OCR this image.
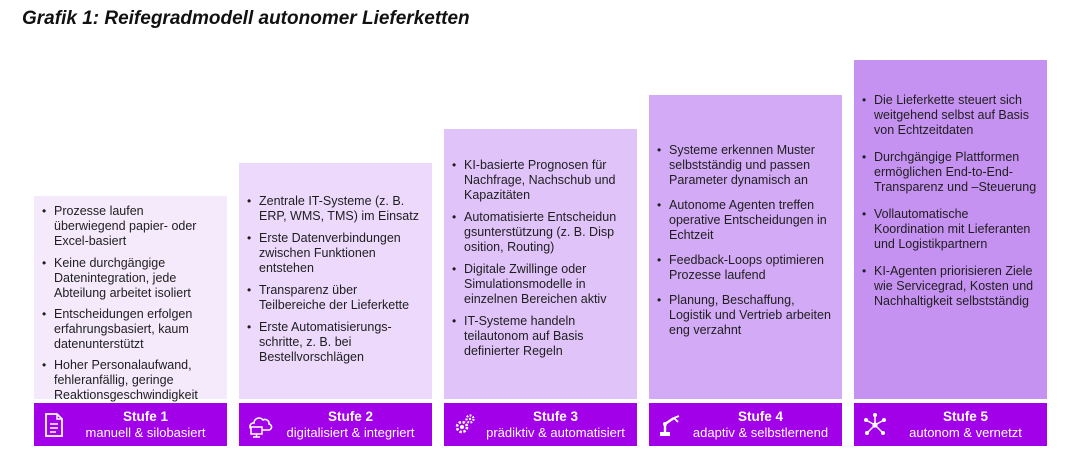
Grafik 1: Reifegradmodell autonomer Lieferketten
• Prozesse laufen überwiegend papier- oder Excel-basiert
• Keine durchgängige Datenintegration, jede Abteilung arbeitet isoliert
• Entscheidungen erfolgen erfahrungsbasiert, kaum datenunterstützt
• Hoher Personalaufwand, fehleranfällig, geringe Reaktionsgeschwindigkeit
Stufe 1
manuell & silobasiert
• Zentrale IT-Systeme (z. B. ERP, WMS, TMS) im Einsatz
• Erste Datenverbindungen zwischen Funktionen entstehen
• Transparenz über Teilbereiche der Lieferkette
• Erste Automatisierungs-schritte, z. B. bei Bestellvorschlägen
Stufe 2
digitalisiert & integriert
• KI-basierte Prognosen für Nachfrage, Nachschub und Kapazitäten
• Automatisierte Entscheidungsunterstützung (z. B. Disposition, Routing)
• Digitale Zwillinge oder Simulationsmodelle in einzelnen Bereichen aktiv
• IT-Systeme handeln teilautonom auf Basis definierter Regeln
Stufe 3
prädiktiv & automatisiert
• Systeme erkennen Muster selbstständig und passen Parameter dynamisch an
• Autonome Agenten treffen operative Entscheidungen in Echtzeit
• Feedback-Loops optimieren Prozesse laufend
• Planung, Beschaffung, Logistik und Vertrieb arbeiten eng verzahnt
Stufe 4
adaptiv & selbstlernend
• Die Lieferkette steuert sich weitgehend selbst auf Basis von Echtzeitdaten
• Durchgängige Plattformen ermöglichen End-to-End-Transparenz und –Steuerung
• Vollautomatische Koordination mit Lieferanten und Logistikpartnern
• KI-Agenten priorisieren Ziele wie Servicegrad, Kosten und Nachhaltigkeit selbstständig
Stufe 5
autonom & vernetzt
